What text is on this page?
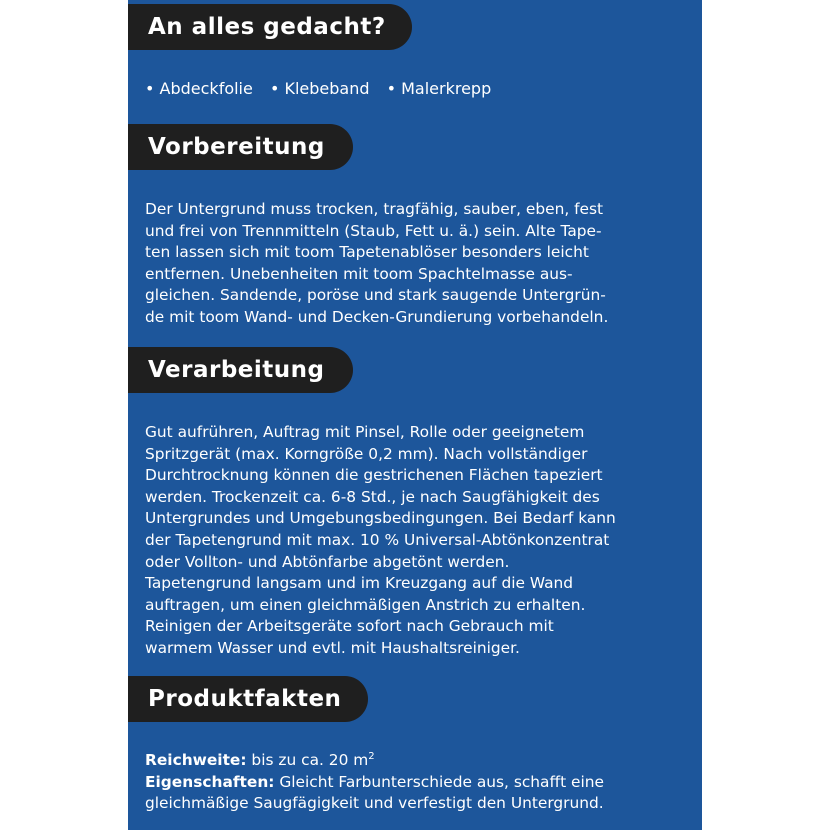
An alles gedacht?
• Abdeckfolie • Klebeband • Malerkrepp
Vorbereitung

Der Untergrund muss trocken, tragfähig, sauber, eben, fest

und frei von Trennmitteln (Staub, Fett u. ä.) sein. Alte Tape-

ten lassen sich mit toom Tapetenablöser besonders leicht

entfernen. Unebenheiten mit toom Spachtelmasse aus-

gleichen. Sandende, poröse und stark saugende Untergrün-

de mit toom Wand- und Decken-Grundierung vorbehandeln.

Verarbeitung

Gut aufrühren, Auftrag mit Pinsel, Rolle oder geeignetem

Spritzgerät (max. Korngröße 0,2 mm). Nach vollständiger

Durchtrocknung können die gestrichenen Flächen tapeziert

werden. Trockenzeit ca. 6-8 Std., je nach Saugfähigkeit des

Untergrundes und Umgebungsbedingungen. Bei Bedarf kann

der Tapetengrund mit max. 10 % Universal-Abtönkonzentrat

oder Vollton- und Abtönfarbe abgetönt werden.

Tapetengrund langsam und im Kreuzgang auf die Wand

auftragen, um einen gleichmäßigen Anstrich zu erhalten.

Reinigen der Arbeitsgeräte sofort nach Gebrauch mit

warmem Wasser und evtl. mit Haushaltsreiniger.

Produktfakten

Reichweite: bis zu ca. 20 $m^2$

Eigenschaften: Gleicht Farbunterschiede aus, schafft eine

gleichmäßige Saugfägigkeit und verfestigt den Untergrund.
